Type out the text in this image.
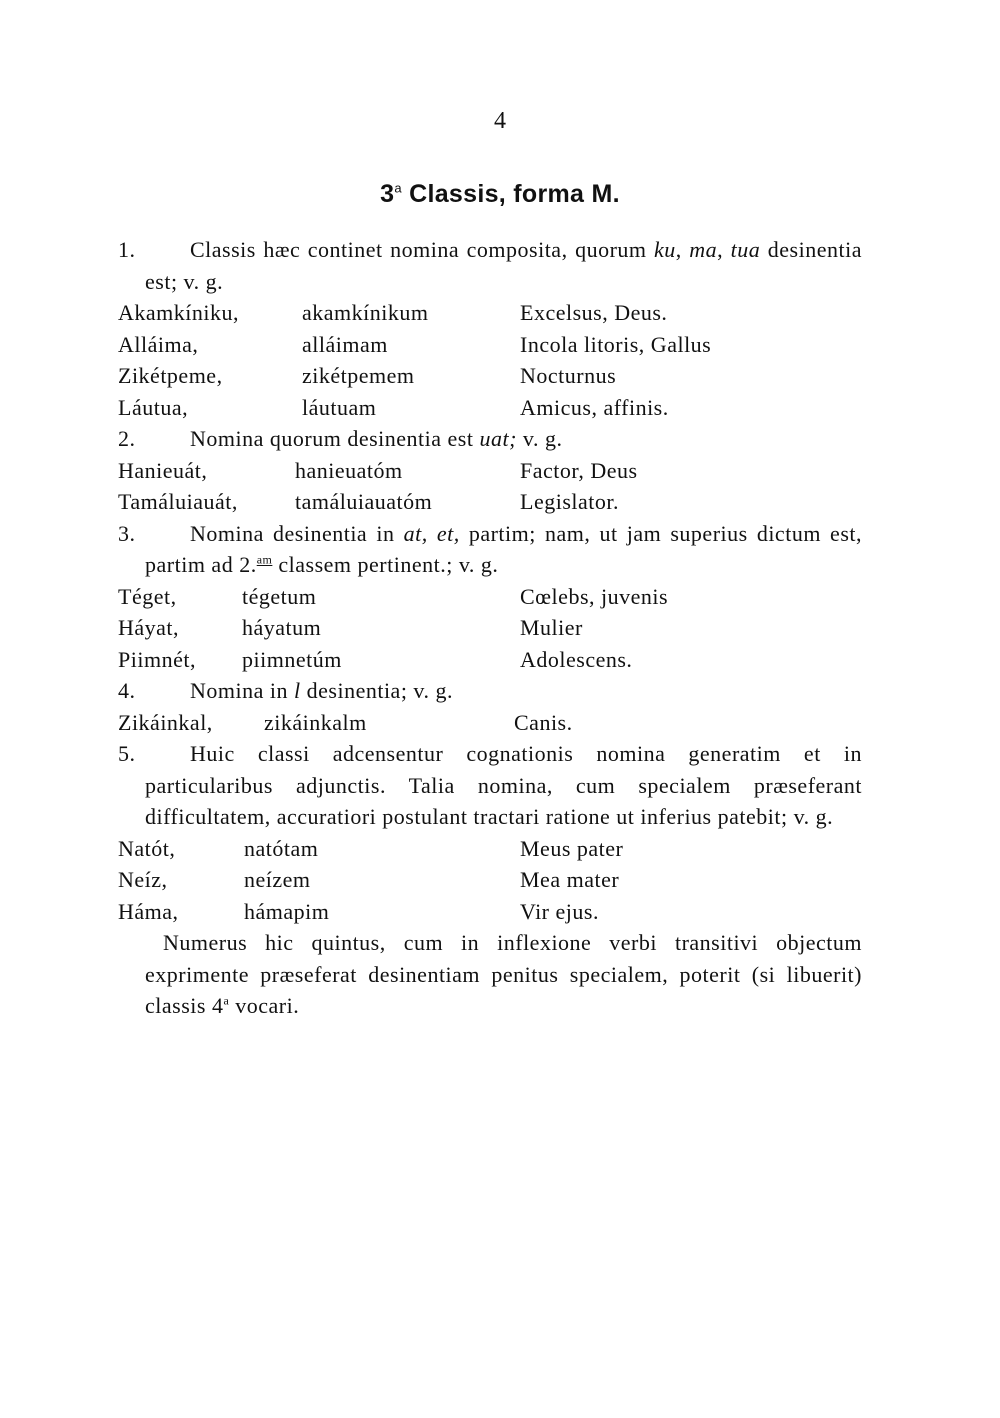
4
3$^a$ Classis, forma M.
1. Classis hæc continet nomina composita, quorum ku, ma, tua desinentia est; v. g.
Akamkíniku,	akamkínikum	Excelsus, Deus.
Alláima,	alláimam	Incola litoris, Gallus
Zikétpeme,	zikétpemem	Nocturnus
Láutua,	láutuam	Amicus, affinis.
2. Nomina quorum desinentia est uat; v. g.
Hanieuát,	hanieuatóm	Factor, Deus
Tamáluiauát,	tamáluiauatóm	Legislator.
3. Nomina desinentia in at, et, partim; nam, ut jam superius dictum est, partim ad 2.$^{am}$ classem pertinent.; v. g.
Téget,	tégetum	Cœlebs, juvenis
Háyat,	háyatum	Mulier
Piimnét, piimnetúm	Adolescens.
4. Nomina in l desinentia; v. g.
Zikáinkal, zikáinkalm	Canis.
5. Huic classi adcensentur cognationis nomina generatim et in particularibus adjunctis. Talia nomina, cum specialem præseferant difficultatem, accuratiori postulant tractari ratione ut inferius patebit; v. g.
Natót,	natótam	Meus pater
Neíz,	neízem	Mea mater
Háma,	hámapim	Vir ejus.
Numerus hic quintus, cum in inflexione verbi transitivi objectum exprimente præseferat desinentiam penitus specialem, poterit (si libuerit) classis 4$^a$ vocari.
